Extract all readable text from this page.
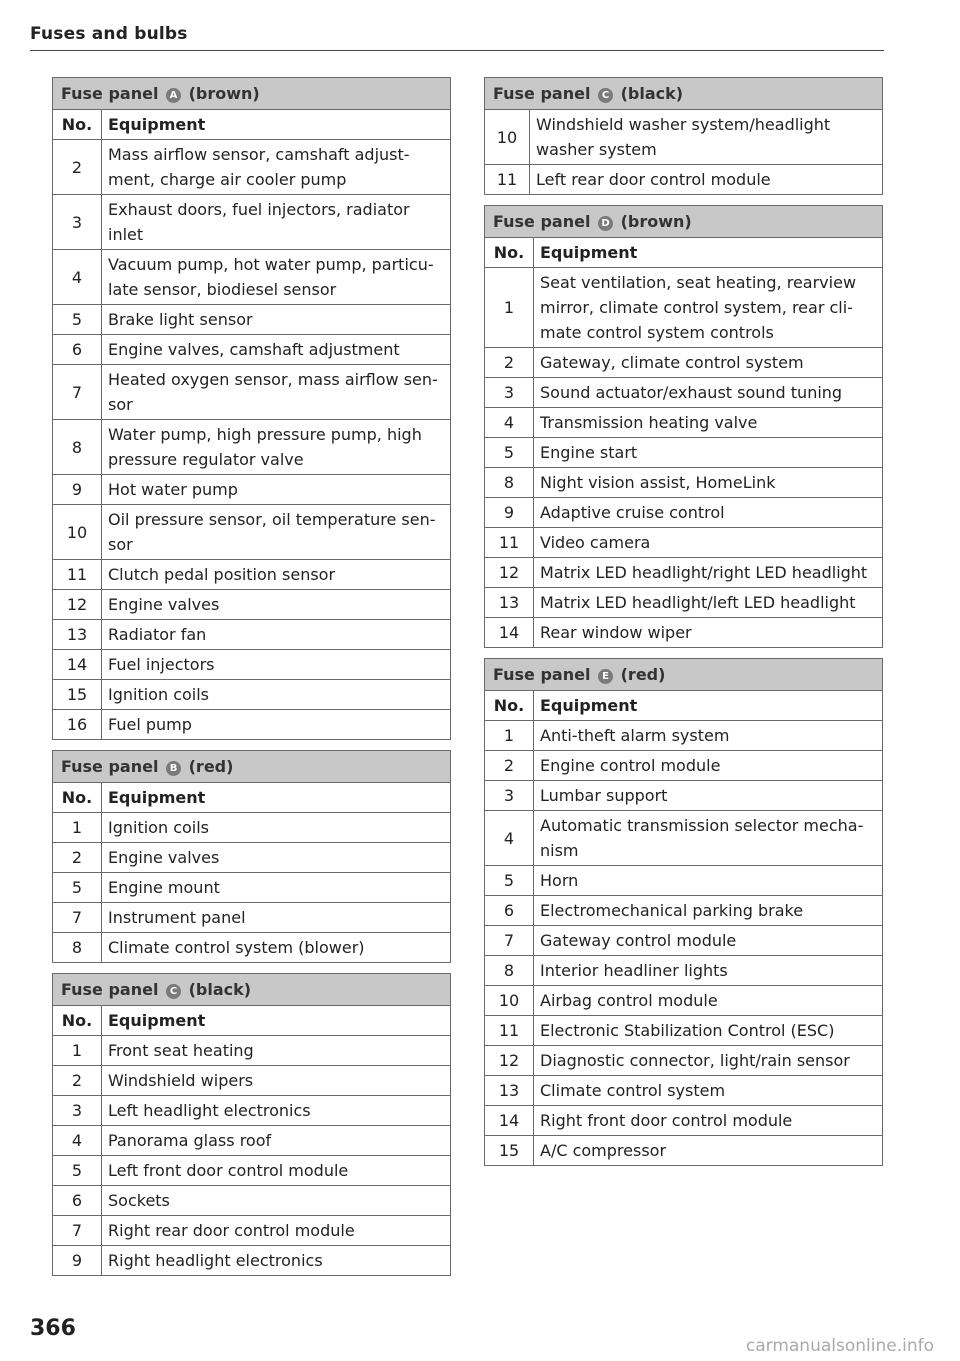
Fuses and bulbs
Fuse panel A (brown)	
No.	Equipment
2	Mass airflow sensor, camshaft adjustment, charge air cooler pump
3	Exhaust doors, fuel injectors, radiator inlet
4	Vacuum pump, hot water pump, particulate sensor, biodiesel sensor
5	Brake light sensor
6	Engine valves, camshaft adjustment
7	Heated oxygen sensor, mass airflow sensor
8	Water pump, high pressure pump, high pressure regulator valve
9	Hot water pump
10	Oil pressure sensor, oil temperature sensor
11	Clutch pedal position sensor
12	Engine valves
13	Radiator fan
14	Fuel injectors
15	Ignition coils
16	Fuel pump
Fuse panel B (red)	
No.	Equipment
1	Ignition coils
2	Engine valves
5	Engine mount
7	Instrument panel
8	Climate control system (blower)
Fuse panel C (black)	
No.	Equipment
1	Front seat heating
2	Windshield wipers
3	Left headlight electronics
4	Panorama glass roof
5	Left front door control module
6	Sockets
7	Right rear door control module
9	Right headlight electronics
Fuse panel C (black)	
10	Windshield washer system/headlight washer system
11	Left rear door control module
Fuse panel D (brown)	
No.	Equipment
1	Seat ventilation, seat heating, rearview mirror, climate control system, rear climate control system controls
2	Gateway, climate control system
3	Sound actuator/exhaust sound tuning
4	Transmission heating valve
5	Engine start
8	Night vision assist, HomeLink
9	Adaptive cruise control
11	Video camera
12	Matrix LED headlight/right LED headlight
13	Matrix LED headlight/left LED headlight
14	Rear window wiper
Fuse panel E (red)	
No.	Equipment
1	Anti-theft alarm system
2	Engine control module
3	Lumbar support
4	Automatic transmission selector mechanism
5	Horn
6	Electromechanical parking brake
7	Gateway control module
8	Interior headliner lights
10	Airbag control module
11	Electronic Stabilization Control (ESC)
12	Diagnostic connector, light/rain sensor
13	Climate control system
14	Right front door control module
15	A/C compressor
366
carmanualsonline.info
